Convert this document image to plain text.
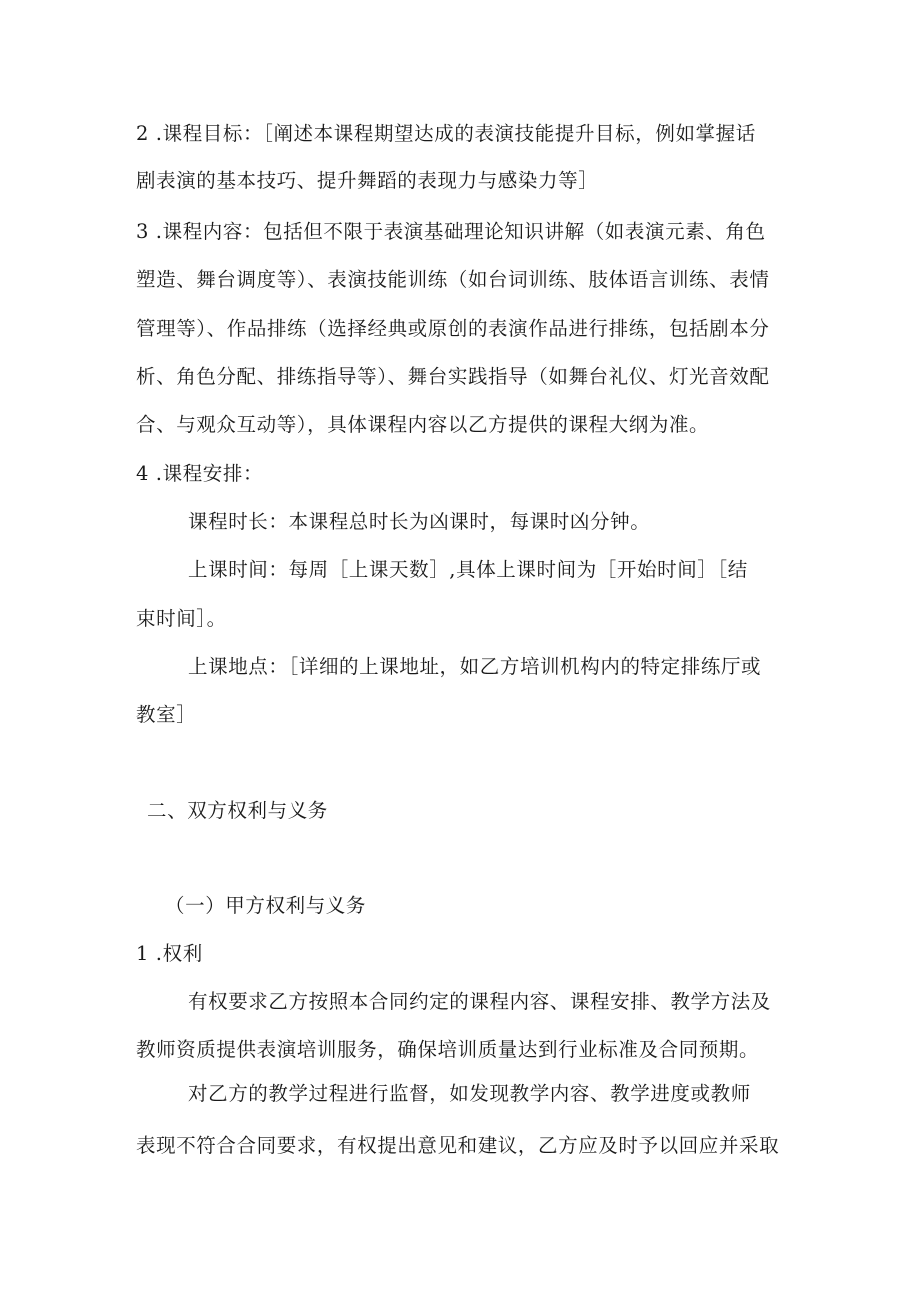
2 .课程目标：［阐述本课程期望达成的表演技能提升目标，例如掌握话

剧表演的基本技巧、提升舞蹈的表现力与感染力等］

3 .课程内容：包括但不限于表演基础理论知识讲解（如表演元素、角色

塑造、舞台调度等）、表演技能训练（如台词训练、肢体语言训练、表情

管理等）、作品排练（选择经典或原创的表演作品进行排练，包括剧本分

析、角色分配、排练指导等）、舞台实践指导（如舞台礼仪、灯光音效配

合、与观众互动等），具体课程内容以乙方提供的课程大纲为准。

4 .课程安排：

课程时长：本课程总时长为凶课时，每课时凶分钟。

上课时间：每周［上课天数］,具体上课时间为［开始时间］［结

束时间］。

上课地点：［详细的上课地址，如乙方培训机构内的特定排练厅或

教室］

二、双方权利与义务

（一）甲方权利与义务

1 .权利

有权要求乙方按照本合同约定的课程内容、课程安排、教学方法及

教师资质提供表演培训服务，确保培训质量达到行业标准及合同预期。

对乙方的教学过程进行监督，如发现教学内容、教学进度或教师

表现不符合合同要求，有权提出意见和建议，乙方应及时予以回应并采取
